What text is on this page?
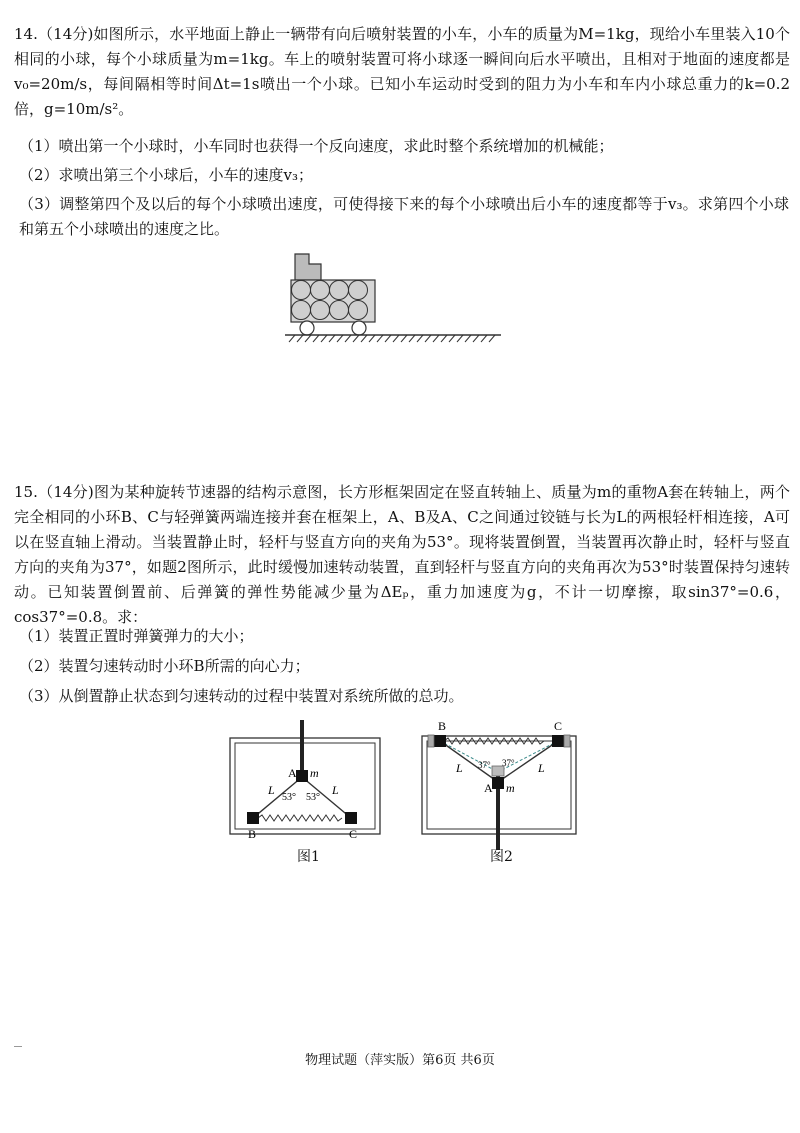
14.（14分)如图所示，水平地面上静止一辆带有向后喷射装置的小车，小车的质量为M=1kg，现给小车里装入10个相同的小球，每个小球质量为m=1kg。车上的喷射装置可将小球逐一瞬间向后水平喷出，且相对于地面的速度都是v₀=20m/s，每间隔相等时间Δt=1s喷出一个小球。已知小车运动时受到的阻力为小车和车内小球总重力的k=0.2倍，g=10m/s²。

（1）喷出第一个小球时，小车同时也获得一个反向速度，求此时整个系统增加的机械能；

（2）求喷出第三个小球后，小车的速度v₃；

（3）调整第四个及以后的每个小球喷出速度，可使得接下来的每个小球喷出后小车的速度都等于v₃。求第四个小球和第五个小球喷出的速度之比。

15.（14分)图为某种旋转节速器的结构示意图，长方形框架固定在竖直转轴上、质量为m的重物A套在转轴上，两个完全相同的小环B、C与轻弹簧两端连接并套在框架上，A、B及A、C之间通过铰链与长为L的两根轻杆相连接，A可以在竖直轴上滑动。当装置静止时，轻杆与竖直方向的夹角为53°。现将装置倒置，当装置再次静止时，轻杆与竖直方向的夹角为37°，如题2图所示，此时缓慢加速转动装置，直到轻杆与竖直方向的夹角再次为53°时装置保持匀速转动。已知装置倒置前、后弹簧的弹性势能减少量为ΔEₚ，重力加速度为g，不计一切摩擦，取sin37°=0.6，cos37°=0.8。求：

（1）装置正置时弹簧弹力的大小；

（2）装置匀速转动时小环B所需的向心力；

（3）从倒置静止状态到匀速转动的过程中装置对系统所做的总功。

A m
L	L
53° 53°
B	C
图1
B	C
L	L
37° 37°
A m
图2
物理试题（萍实版）第6页 共6页
